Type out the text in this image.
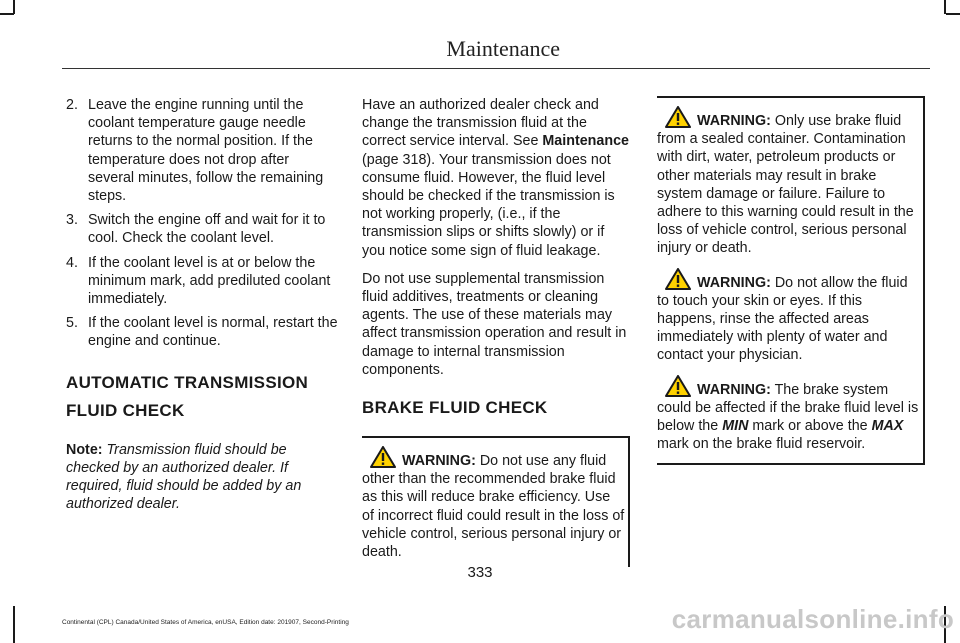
Maintenance
2. Leave the engine running until the coolant temperature gauge needle returns to the normal position. If the temperature does not drop after several minutes, follow the remaining steps.
3. Switch the engine off and wait for it to cool. Check the coolant level.
4. If the coolant level is at or below the minimum mark, add prediluted coolant immediately.
5. If the coolant level is normal, restart the engine and continue.
AUTOMATIC TRANSMISSION
FLUID CHECK

Note: Transmission fluid should be checked by an authorized dealer. If required, fluid should be added by an authorized dealer.

Have an authorized dealer check and change the transmission fluid at the correct service interval. See Maintenance (page 318). Your transmission does not consume fluid. However, the fluid level should be checked if the transmission is not working properly, (i.e., if the transmission slips or shifts slowly) or if you notice some sign of fluid leakage.

Do not use supplemental transmission fluid additives, treatments or cleaning agents. The use of these materials may affect transmission operation and result in damage to internal transmission components.

BRAKE FLUID CHECK
WARNING: Do not use any fluid other than the recommended brake fluid as this will reduce brake efficiency. Use of incorrect fluid could result in the loss of vehicle control, serious personal injury or death.
WARNING: Only use brake fluid from a sealed container. Contamination with dirt, water, petroleum products or other materials may result in brake system damage or failure. Failure to adhere to this warning could result in the loss of vehicle control, serious personal injury or death.
WARNING: Do not allow the fluid to touch your skin or eyes. If this happens, rinse the affected areas immediately with plenty of water and contact your physician.
WARNING: The brake system could be affected if the brake fluid level is below the MIN mark or above the MAX mark on the brake fluid reservoir.
333
Continental (CPL) Canada/United States of America, enUSA, Edition date: 201907, Second-Printing	carmanualsonline.info
